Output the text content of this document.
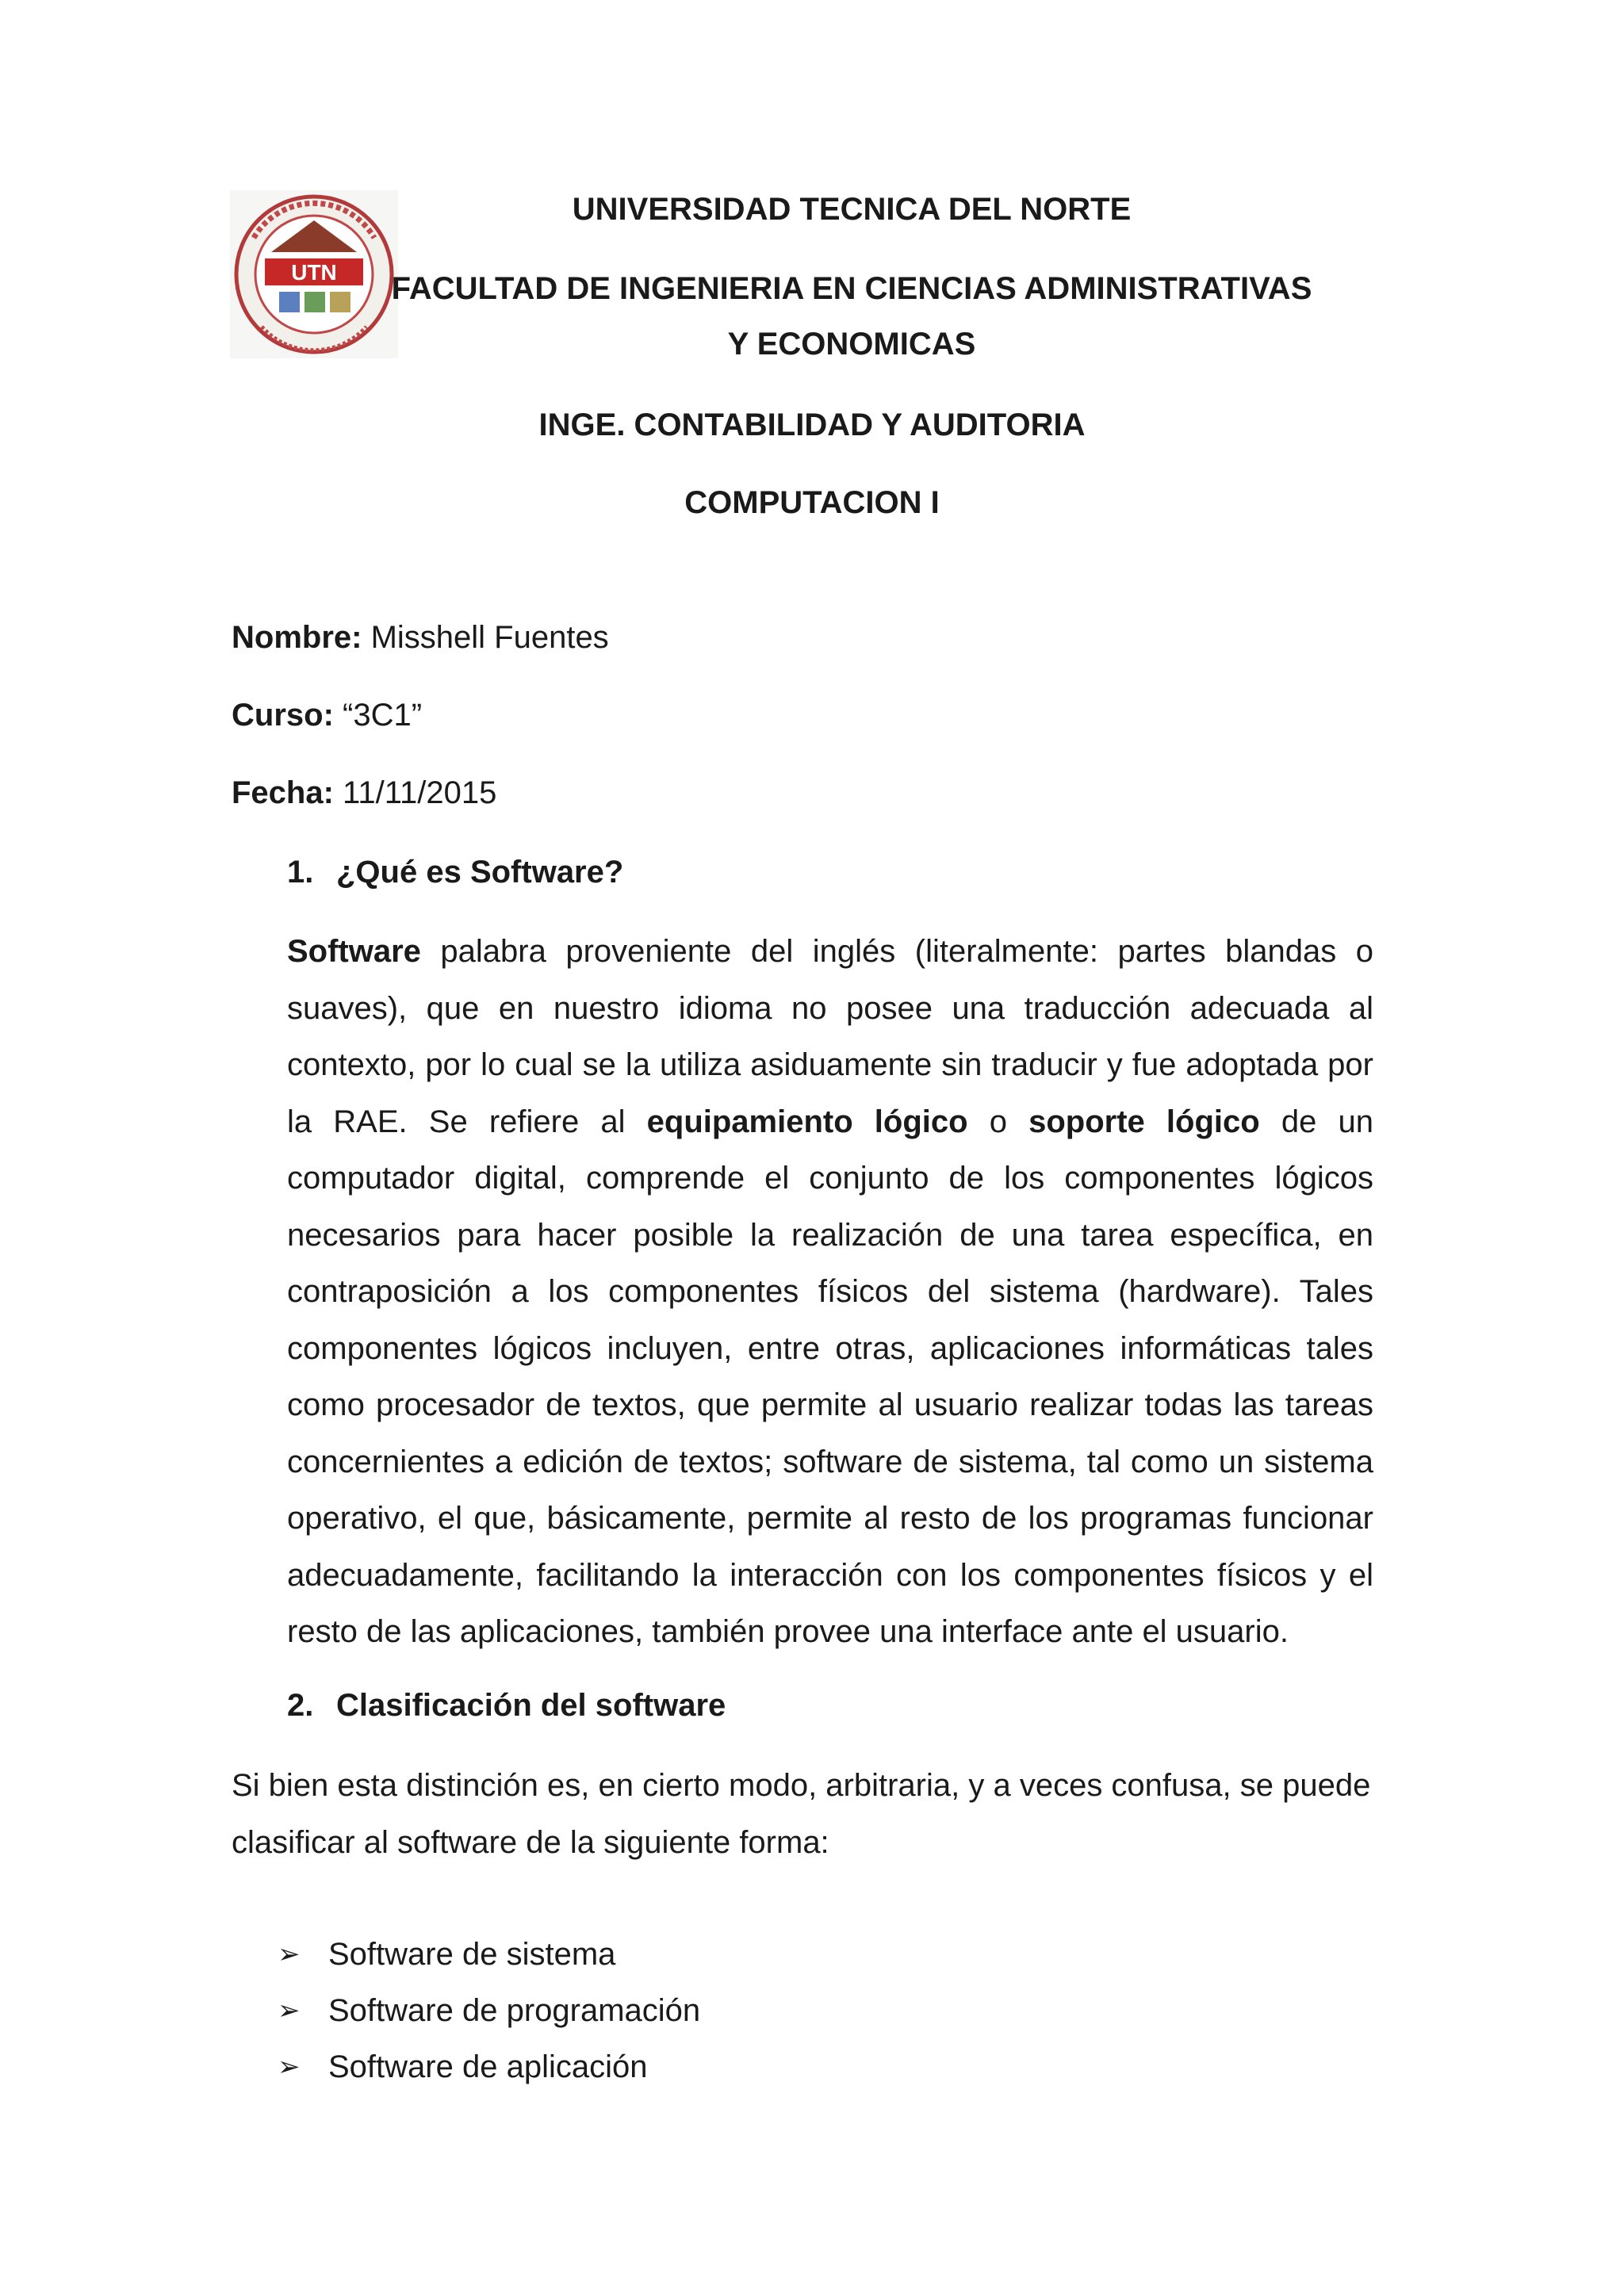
UTN
UNIVERSIDAD TECNICA DEL NORTE
FACULTAD DE INGENIERIA EN CIENCIAS ADMINISTRATIVAS
Y ECONOMICAS
INGE. CONTABILIDAD Y AUDITORIA
COMPUTACION I
Nombre: Misshell Fuentes
Curso: “3C1”
Fecha: 11/11/2015
1. ¿Qué es Software?
Software palabra proveniente del inglés (literalmente: partes blandas o suaves), que en nuestro idioma no posee una traducción adecuada al contexto, por lo cual se la utiliza asiduamente sin traducir y fue adoptada por la RAE. Se refiere al equipamiento lógico o soporte lógico de un computador digital, comprende el conjunto de los componentes lógicos necesarios para hacer posible la realización de una tarea específica, en contraposición a los componentes físicos del sistema (hardware). Tales componentes lógicos incluyen, entre otras, aplicaciones informáticas tales como procesador de textos, que permite al usuario realizar todas las tareas concernientes a edición de textos; software de sistema, tal como un sistema operativo, el que, básicamente, permite al resto de los programas funcionar adecuadamente, facilitando la interacción con los componentes físicos y el resto de las aplicaciones, también provee una interface ante el usuario.
2. Clasificación del software
Si bien esta distinción es, en cierto modo, arbitraria, y a veces confusa, se puede clasificar al software de la siguiente forma:
➢ Software de sistema
➢ Software de programación
➢ Software de aplicación
